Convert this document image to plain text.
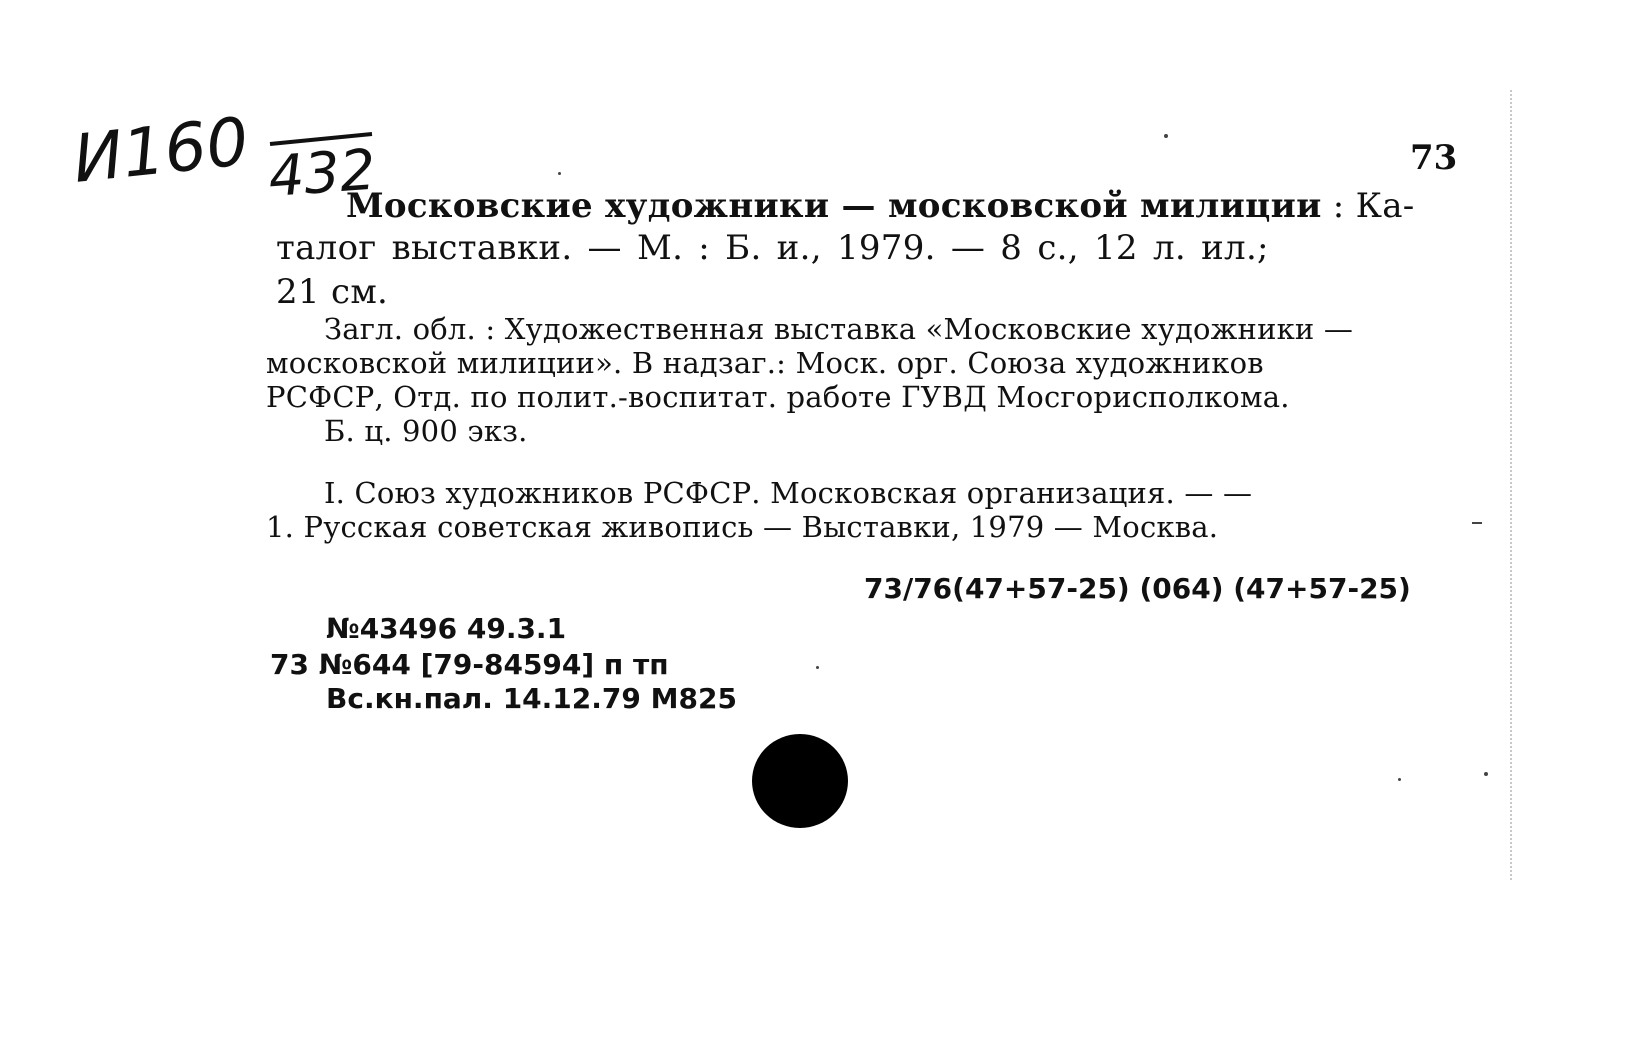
И160 432	73
Московские художники — московской милиции : Ка-
талог выставки. — М. : Б. и., 1979. — 8 с., 12 л. ил.;
21 см.
Загл. обл. : Художественная выставка «Московские художники —
московской милиции». В надзаг.: Моск. орг. Союза художников
РСФСР, Отд. по полит.-воспитат. работе ГУВД Мосгорисполкома.
Б. ц. 900 экз.
I. Союз художников РСФСР. Московская организация. — —
1. Русская советская живопись — Выставки, 1979 — Москва.
73/76(47+57-25) (064) (47+57-25)
№43496 49.3.1
73 №644 [79-84594] п тп
Вс.кн.пал. 14.12.79 М825
